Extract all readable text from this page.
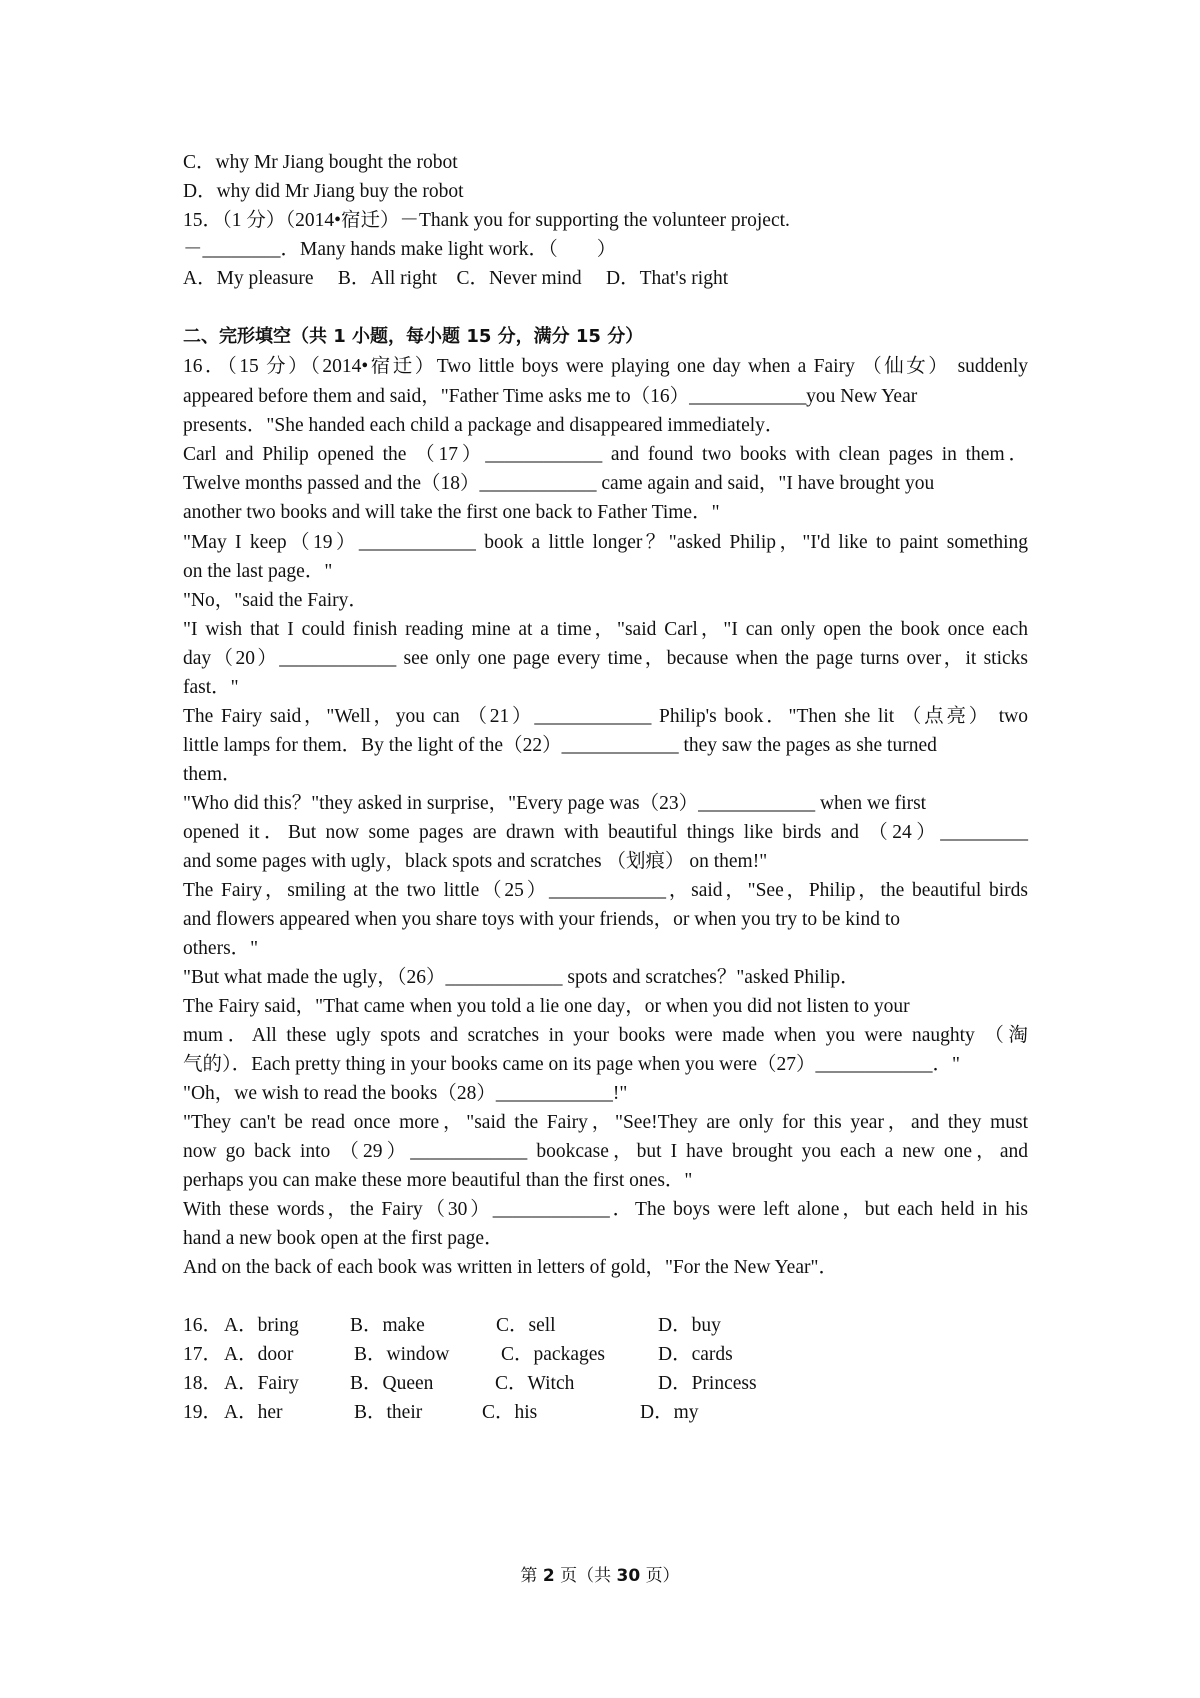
C．why Mr Jiang bought the robot
D．why did Mr Jiang buy the robot
15．（1 分）（2014•宿迁）－Thank you for supporting the volunteer project.
－________．Many hands make light work．（　　）
A．My pleasure　 B．All right　C．Never mind　 D．That's right
二、完形填空（共 1 小题，每小题 15 分，满分 15 分）
16．（15 分）（2014•宿迁）Two little boys were playing one day when a Fairy （仙女） suddenly
appeared before them and said，"Father Time asks me to（16）____________you New Year
presents．"She handed each child a package and disappeared immediately．
Carl and Philip opened the （17）____________ and found two books with clean pages in them．
Twelve months passed and the（18）____________ came again and said，"I have brought you
another two books and will take the first one back to Father Time．"
"May I keep（19）____________ book a little longer？"asked Philip，"I'd like to paint something
on the last page．"
"No，"said the Fairy．
"I wish that I could finish reading mine at a time，"said Carl，"I can only open the book once each
day（20）____________ see only one page every time，because when the page turns over，it sticks
fast．"
The Fairy said，"Well，you can （21）____________ Philip's book．"Then she lit （点亮） two
little lamps for them．By the light of the（22）____________ they saw the pages as she turned
them．
"Who did this？"they asked in surprise，"Every page was（23）____________ when we first
opened it．But now some pages are drawn with beautiful things like birds and （24）_________
and some pages with ugly，black spots and scratches （划痕） on them!"
The Fairy，smiling at the two little（25）____________，said，"See，Philip，the beautiful birds
and flowers appeared when you share toys with your friends，or when you try to be kind to
others．"
"But what made the ugly，（26）____________ spots and scratches？"asked Philip．
The Fairy said，"That came when you told a lie one day，or when you did not listen to your
mum．All these ugly spots and scratches in your books were made when you were naughty （淘
气的）．Each pretty thing in your books came on its page when you were（27）____________．"
"Oh，we wish to read the books（28）____________!"
"They can't be read once more，"said the Fairy，"See!They are only for this year，and they must
now go back into （29）____________ bookcase，but I have brought you each a new one，and
perhaps you can make these more beautiful than the first ones．"
With these words，the Fairy（30）____________．The boys were left alone，but each held in his
hand a new book open at the first page．
And on the back of each book was written in letters of gold，"For the New Year"．
16． A．bring	B．make	C．sell	D．buy
17． A．door	B．window	C．packages	D．cards
18． A．Fairy	B．Queen	C．Witch	D．Princess
19． A．her	B．their	C．his	D．my
第 2 页（共 30 页）
